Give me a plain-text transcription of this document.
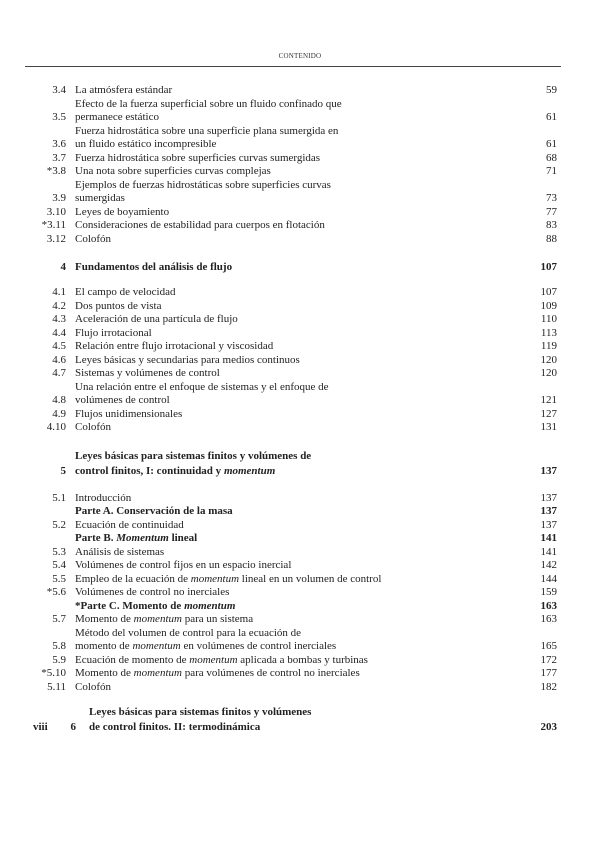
CONTENIDO
3.4 La atmósfera estándar	59
3.5
Efecto de la fuerza superficial sobre un fluido confinado que
permanece estático	61
3.6
Fuerza hidrostática sobre una superficie plana sumergida en
un fluido estático incompresible	61
3.7 Fuerza hidrostática sobre superficies curvas sumergidas	68
*3.8 Una nota sobre superficies curvas complejas	71
3.9
Ejemplos de fuerzas hidrostáticas sobre superficies curvas
sumergidas	73
3.10 Leyes de boyamiento	77
*3.11 Consideraciones de estabilidad para cuerpos en flotación	83
3.12 Colofón	88
4 Fundamentos del análisis de flujo	107
4.1 El campo de velocidad	107
4.2 Dos puntos de vista	109
4.3 Aceleración de una partícula de flujo	110
4.4 Flujo irrotacional	113
4.5 Relación entre flujo irrotacional y viscosidad	119
4.6 Leyes básicas y secundarias para medios continuos	120
4.7 Sistemas y volúmenes de control	120
4.8
Una relación entre el enfoque de sistemas y el enfoque de
volúmenes de control	121
4.9 Flujos unidimensionales	127
4.10 Colofón	131
5
Leyes básicas para sistemas finitos y volúmenes de
control finitos, I: continuidad y momentum	137
5.1 Introducción	137
Parte A. Conservación de la masa	137
5.2 Ecuación de continuidad	137
Parte B. Momentum lineal	141
5.3 Análisis de sistemas	141
5.4 Volúmenes de control fijos en un espacio inercial	142
5.5 Empleo de la ecuación de momentum lineal en un volumen de control	144
*5.6 Volúmenes de control no inerciales	159
*Parte C. Momento de momentum	163
5.7 Momento de momentum para un sistema	163
5.8
Método del volumen de control para la ecuación de
momento de momentum en volúmenes de control inerciales	165
5.9 Ecuación de momento de momentum aplicada a bombas y turbinas	172
*5.10 Momento de momentum para volúmenes de control no inerciales	177
5.11 Colofón	182
viii	6
Leyes básicas para sistemas finitos y volúmenes
de control finitos. II: termodinámica	203
